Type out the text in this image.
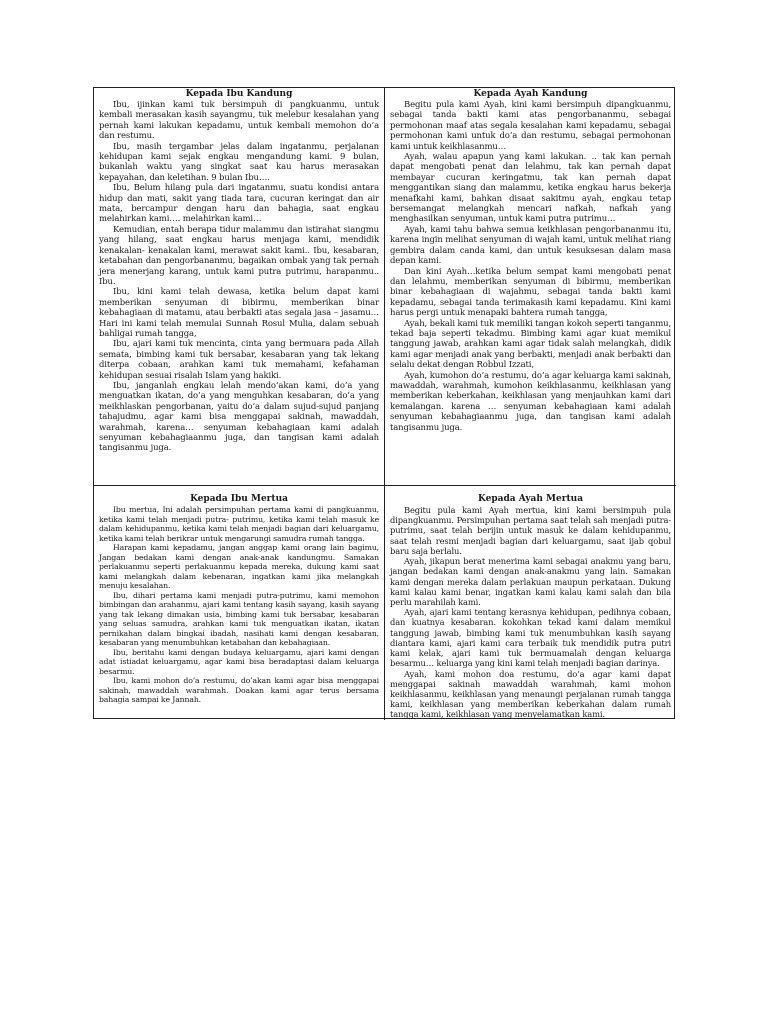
Kepada Ibu Kandung

Ibu, ijinkan kami tuk bersimpuh di pangkuanmu, untuk kembali merasakan kasih sayangmu, tuk melebur kesalahan yang pernah kami lakukan kepadamu, untuk kembali memohon do’a dan restumu.

Ibu, masih tergambar jelas dalam ingatanmu, perjalanan kehidupan kami sejak engkau mengandung kami. 9 bulan, bukanlah waktu yang singkat saat kau harus merasakan kepayahan, dan keletihan. 9 bulan Ibu….

Ibu, Belum hilang pula dari ingatanmu, suatu kondisi antara hidup dan mati, sakit yang tiada tara, cucuran keringat dan air mata, bercampur dengan haru dan bahagia, saat engkau melahirkan kami…. melahirkan kami…

Kemudian, entah berapa tidur malammu dan istirahat siangmu yang hilang, saat engkau harus menjaga kami, mendidik kenakalan- kenakalan kami, merawat sakit kami.. Ibu, kesabaran, ketabahan dan pengorbananmu, bagaikan ombak yang tak pernah jera menerjang karang, untuk kami putra putrimu, harapanmu.. Ibu.

Ibu, kini kami telah dewasa, ketika belum dapat kami memberikan senyuman di bibirmu, memberikan binar kebahagiaan di matamu, atau berbakti atas segala jasa – jasamu… Hari ini kami telah memulai Sunnah Rosul Mulia, dalam sebuah bahligai rumah tangga,

Ibu, ajari kami tuk mencinta, cinta yang bermuara pada Allah semata, bimbing kami tuk bersabar, kesabaran yang tak lekang diterpa cobaan, arahkan kami tuk memahami, kefahaman kehidupan sesuai risalah Islam yang hakiki.

Ibu, janganlah engkau lelah mendo’akan kami, do’a yang menguatkan ikatan, do’a yang menguhkan kesabaran, do’a yang meikhlaskan pengorbanan, yaitu do’a dalam sujud-sujud panjang tahajudmu, agar kami bisa menggapai sakinah, mawaddah, warahmah, karena… senyuman kebahagiaan kami adalah senyuman kebahagiaanmu juga, dan tangisan kami adalah tangisanmu juga.

Kepada Ayah Kandung

Begitu pula kami Ayah, kini kami bersimpuh dipangkuanmu, sebagai tanda bakti kami atas pengorbananmu, sebagai permohonan maaf atas segala kesalahan kami kepadamu, sebagai permohonan kami untuk do’a dan restumu, sebagai permohonan kami untuk keikhlasanmu…

Ayah, walau apapun yang kami lakukan. .. tak kan pernah dapat mengobati penat dan lelahmu, tak kan pernah dapat membayar cucuran keringatmu, tak kan pernah dapat menggantikan siang dan malammu, ketika engkau harus bekerja menafkahi kami, bahkan disaat sakitmu ayah, engkau tetap bersemangat melangkah mencari nafkah, nafkah yang menghasilkan senyuman, untuk kami putra putrimu…

Ayah, kami tahu bahwa semua keikhlasan pengorbananmu itu, karena ingin melihat senyuman di wajah kami, untuk melihat riang gembira dalam canda kami, dan untuk kesuksesan dalam masa depan kami.

Dan kini Ayah…ketika belum sempat kami mengobati penat dan lelahmu, memberikan senyuman di bibirmu, memberikan binar kebahagiaan di wajahmu, sebagai tanda bakti kami kepadamu, sebagai tanda terimakasih kami kepadamu. Kini kami harus pergi untuk menapaki bahtera rumah tangga,

Ayah, bekali kami tuk memiliki tangan kokoh seperti tanganmu, tekad baja seperti tekadmu. Bimbing kami agar kuat memikul tanggung jawab, arahkan kami agar tidak salah melangkah, didik kami agar menjadi anak yang berbakti, menjadi anak berbakti dan selalu dekat dengan Robbul Izzati,

Ayah, kumohon do’a restumu, do’a agar keluarga kami sakinah, mawaddah, warahmah, kumohon keikhlasanmu, keikhlasan yang memberikan keberkahan, keikhlasan yang menjauhkan kami dari kemalangan. karena … senyuman kebahagiaan kami adalah senyuman kebahagiaanmu juga, dan tangisan kami adalah tangisanmu juga.

Kepada Ibu Mertua

Ibu mertua, Ini adalah persimpuhan pertama kami di pangkuanmu, ketika kami telah menjadi putra- putrimu, ketika kami telah masuk ke dalam kehidupanmu, ketika kami telah menjadi bagian dari keluargamu, ketika kami telah berikrar untuk mengarungi samudra rumah tangga.

Harapan kami kepadamu, jangan anggap kami orang lain bagimu, Jangan bedakan kami dengan anak-anak kandungmu. Samakan perlakuanmu seperti perlakuanmu kepada mereka, dukung kami saat kami melangkah dalam kebenaran, ingatkan kami jika melangkah menuju kesalahan.

Ibu, dihari pertama kami menjadi putra-putrimu, kami memohon bimbingan dan arahanmu, ajari kami tentang kasih sayang, kasih sayang yang tak lekang dimakan usia, bimbing kami tuk bersabar, kesabaran yang seluas samudra, arahkan kami tuk menguatkan ikatan, ikatan pernikahan dalam bingkai ibadah, nasihati kami dengan kesabaran, kesabaran yang menumbuhkan ketabahan dan kebahagiaan.

Ibu, beritahu kami dengan budaya keluargamu, ajari kami dengan adat istiadat keluargamu, agar kami bisa beradaptasi dalam keluarga besarmu.

Ibu, kami mohon do’a restumu, do’akan kami agar bisa menggapai sakinah, mawaddah warahmah. Doakan kami agar terus bersama bahagia sampai ke Jannah.

Kepada Ayah Mertua

Begitu pula kami Ayah mertua, kini kami bersimpuh pula dipangkuanmu. Persimpuhan pertama saat telah sah menjadi putra- putrimu, saat telah berijin untuk masuk ke dalam kehidupanmu, saat telah resmi menjadi bagian dari keluargamu, saat ijab qobul baru saja berlalu.

Ayah, jikapun berat menerima kami sebagai anakmu yang baru, jangan bedakan kami dengan anak-anakmu yang lain. Samakan kami dengan mereka dalam perlakuan maupun perkataan. Dukung kami kalau kami benar, ingatkan kami kalau kami salah dan bila perlu marahilah kami.

Ayah, ajari kami tentang kerasnya kehidupan, pedihnya cobaan, dan kuatnya kesabaran. kokohkan tekad kami dalam memikul tanggung jawab, bimbing kami tuk menumbuhkan kasih sayang diantara kami, ajari kami cara terbaik tuk mendidik putra putri kami kelak, ajari kami tuk bermuamalah dengan keluarga besarmu… keluarga yang kini kami telah menjadi bagian darinya.

Ayah, kami mohon doa restumu, do’a agar kami dapat menggapai sakinah mawaddah warahmah, kami mohon keikhlasanmu, keikhlasan yang menaungi perjalanan rumah tangga kami, keikhlasan yang memberikan keberkahan dalam rumah tangga kami, keikhlasan yang menyelamatkan kami.
